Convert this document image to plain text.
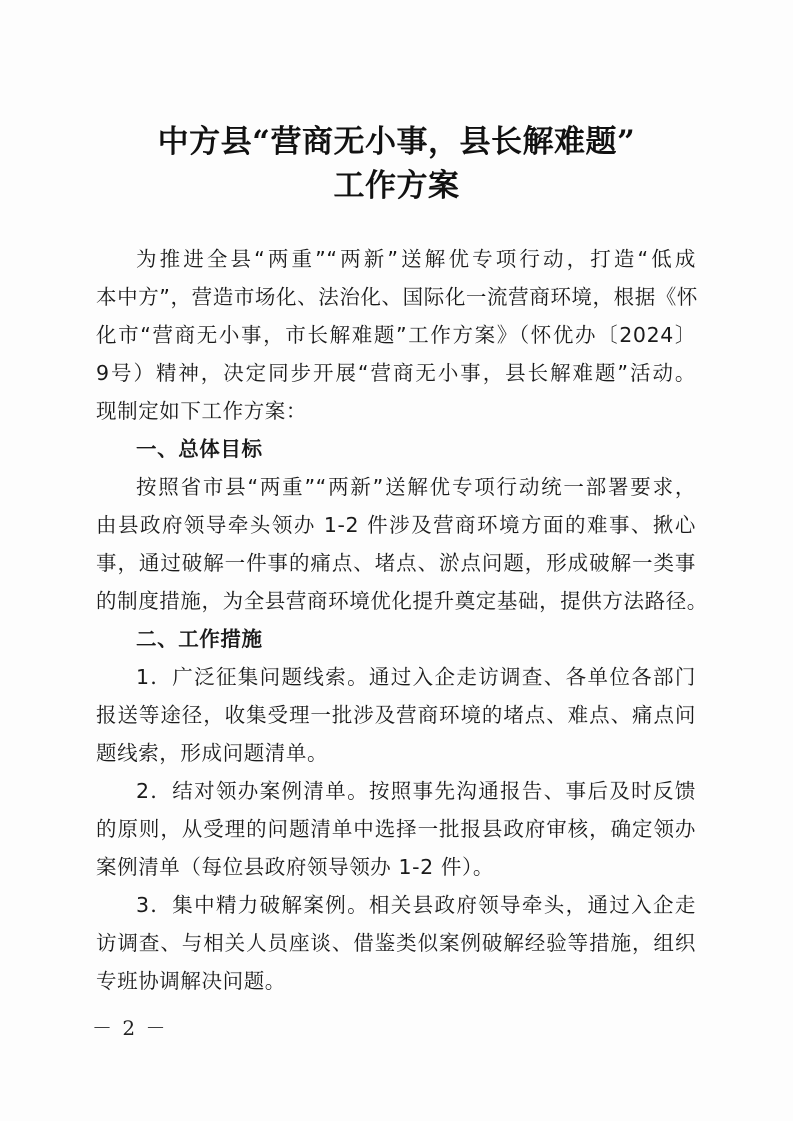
中方县“营商无小事，县长解难题”
工作方案
为推进全县“两重”“两新”送解优专项行动，打造“低成
本中方”，营造市场化、法治化、国际化一流营商环境，根据《怀
化市“营商无小事，市长解难题”工作方案》（怀优办〔2024〕
9号）精神，决定同步开展“营商无小事，县长解难题”活动。
现制定如下工作方案：
一、总体目标
按照省市县“两重”“两新”送解优专项行动统一部署要求，
由县政府领导牵头领办 1-2 件涉及营商环境方面的难事、揪心
事，通过破解一件事的痛点、堵点、淤点问题，形成破解一类事
的制度措施，为全县营商环境优化提升奠定基础，提供方法路径。
二、工作措施
1．广泛征集问题线索。通过入企走访调查、各单位各部门
报送等途径，收集受理一批涉及营商环境的堵点、难点、痛点问
题线索，形成问题清单。
2．结对领办案例清单。按照事先沟通报告、事后及时反馈
的原则，从受理的问题清单中选择一批报县政府审核，确定领办
案例清单（每位县政府领导领办 1-2 件）。
3．集中精力破解案例。相关县政府领导牵头，通过入企走
访调查、与相关人员座谈、借鉴类似案例破解经验等措施，组织
专班协调解决问题。
－ 2 －
